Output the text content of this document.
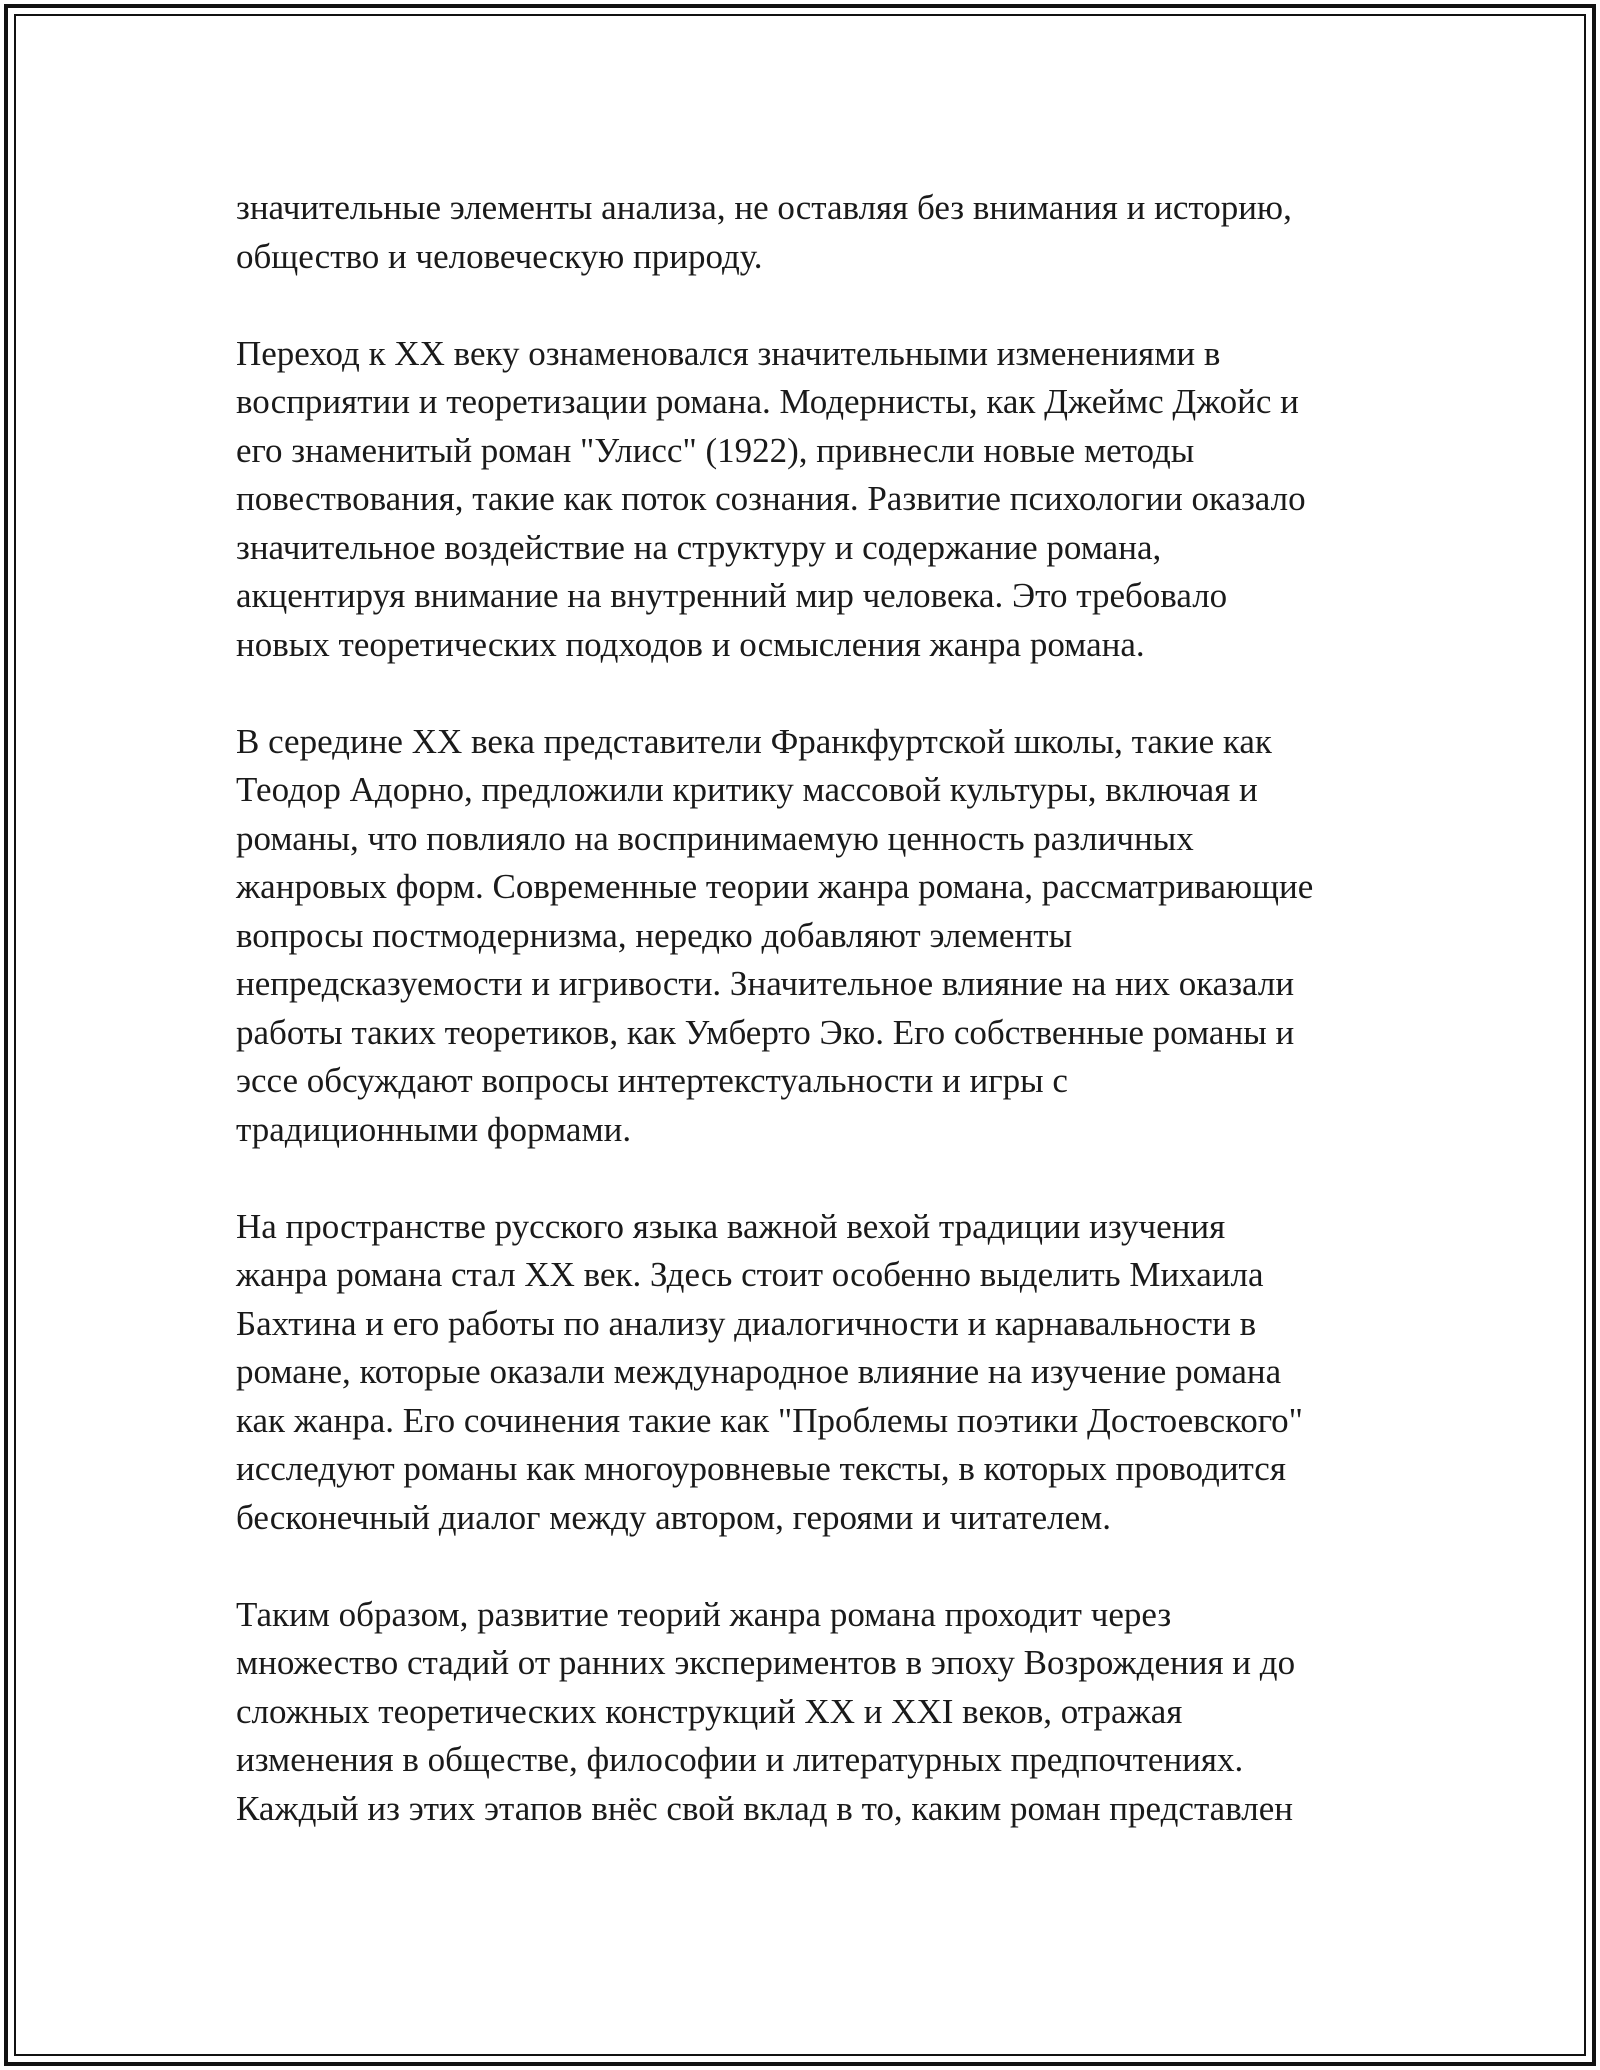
значительные элементы анализа, не оставляя без внимания и историю,
общество и человеческую природу.
Переход к XX веку ознаменовался значительными изменениями в
восприятии и теоретизации романа. Модернисты, как Джеймс Джойс и
его знаменитый роман "Улисс" (1922), привнесли новые методы
повествования, такие как поток сознания. Развитие психологии оказало
значительное воздействие на структуру и содержание романа,
акцентируя внимание на внутренний мир человека. Это требовало
новых теоретических подходов и осмысления жанра романа.
В середине XX века представители Франкфуртской школы, такие как
Теодор Адорно, предложили критику массовой культуры, включая и
романы, что повлияло на воспринимаемую ценность различных
жанровых форм. Современные теории жанра романа, рассматривающие
вопросы постмодернизма, нередко добавляют элементы
непредсказуемости и игривости. Значительное влияние на них оказали
работы таких теоретиков, как Умберто Эко. Его собственные романы и
эссе обсуждают вопросы интертекстуальности и игры с
традиционными формами.
На пространстве русского языка важной вехой традиции изучения
жанра романа стал XX век. Здесь стоит особенно выделить Михаила
Бахтина и его работы по анализу диалогичности и карнавальности в
романе, которые оказали международное влияние на изучение романа
как жанра. Его сочинения такие как "Проблемы поэтики Достоевского"
исследуют романы как многоуровневые тексты, в которых проводится
бесконечный диалог между автором, героями и читателем.
Таким образом, развитие теорий жанра романа проходит через
множество стадий от ранних экспериментов в эпоху Возрождения и до
сложных теоретических конструкций XX и XXI веков, отражая
изменения в обществе, философии и литературных предпочтениях.
Каждый из этих этапов внёс свой вклад в то, каким роман представлен
